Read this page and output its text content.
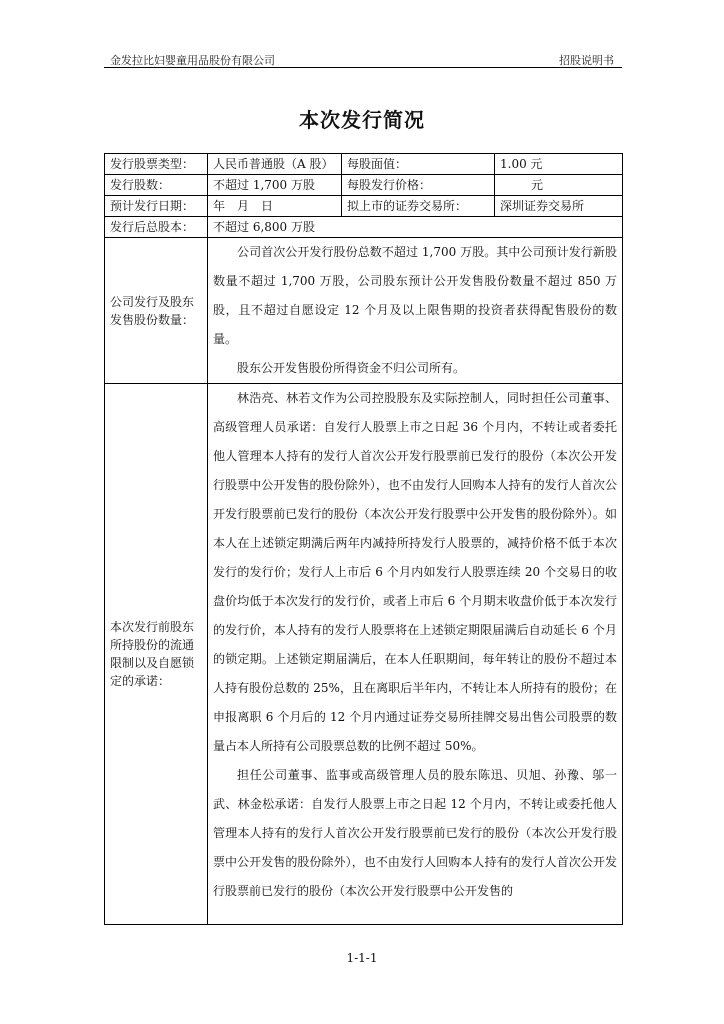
金发拉比妇婴童用品股份有限公司	招股说明书
本次发行简况
发行股票类型：	人民币普通股（A 股）	每股面值：	1.00 元
发行股数：	不超过 1,700 万股	每股发行价格：	元
预计发行日期：	年　月　日	拟上市的证券交易所：	深圳证券交易所
发行后总股本：	不超过 6,800 万股		
公司发行及股东发售股份数量：	公司首次公开发行股份总数不超过 1,700 万股。其中公司预计发行新股数量不超过 1,700 万股，公司股东预计公开发售股份数量不超过 850 万股，且不超过自愿设定 12 个月及以上限售期的投资者获得配售股份的数量。

股东公开发售股份所得资金不归公司所有。		

本次发行前股东所持股份的流通限制以及自愿锁定的承诺：	林浩亮、林若文作为公司控股股东及实际控制人，同时担任公司董事、高级管理人员承诺：自发行人股票上市之日起 36 个月内，不转让或者委托他人管理本人持有的发行人首次公开发行股票前已发行的股份（本次公开发行股票中公开发售的股份除外），也不由发行人回购本人持有的发行人首次公开发行股票前已发行的股份（本次公开发行股票中公开发售的股份除外）。如本人在上述锁定期满后两年内减持所持发行人股票的，减持价格不低于本次发行的发行价；发行人上市后 6 个月内如发行人股票连续 20 个交易日的收盘价均低于本次发行的发行价，或者上市后 6 个月期末收盘价低于本次发行的发行价，本人持有的发行人股票将在上述锁定期限届满后自动延长 6 个月的锁定期。上述锁定期届满后，在本人任职期间，每年转让的股份不超过本人持有股份总数的 25%，且在离职后半年内，不转让本人所持有的股份；在申报离职 6 个月后的 12 个月内通过证券交易所挂牌交易出售公司股票的数量占本人所持有公司股票总数的比例不超过 50%。

担任公司董事、监事或高级管理人员的股东陈迅、贝旭、孙豫、邬一武、林金松承诺：自发行人股票上市之日起 12 个月内，不转让或委托他人管理本人持有的发行人首次公开发行股票前已发行的股份（本次公开发行股票中公开发售的股份除外），也不由发行人回购本人持有的发行人首次公开发行股票前已发行的股份（本次公开发行股票中公开发售的		

1-1-1
